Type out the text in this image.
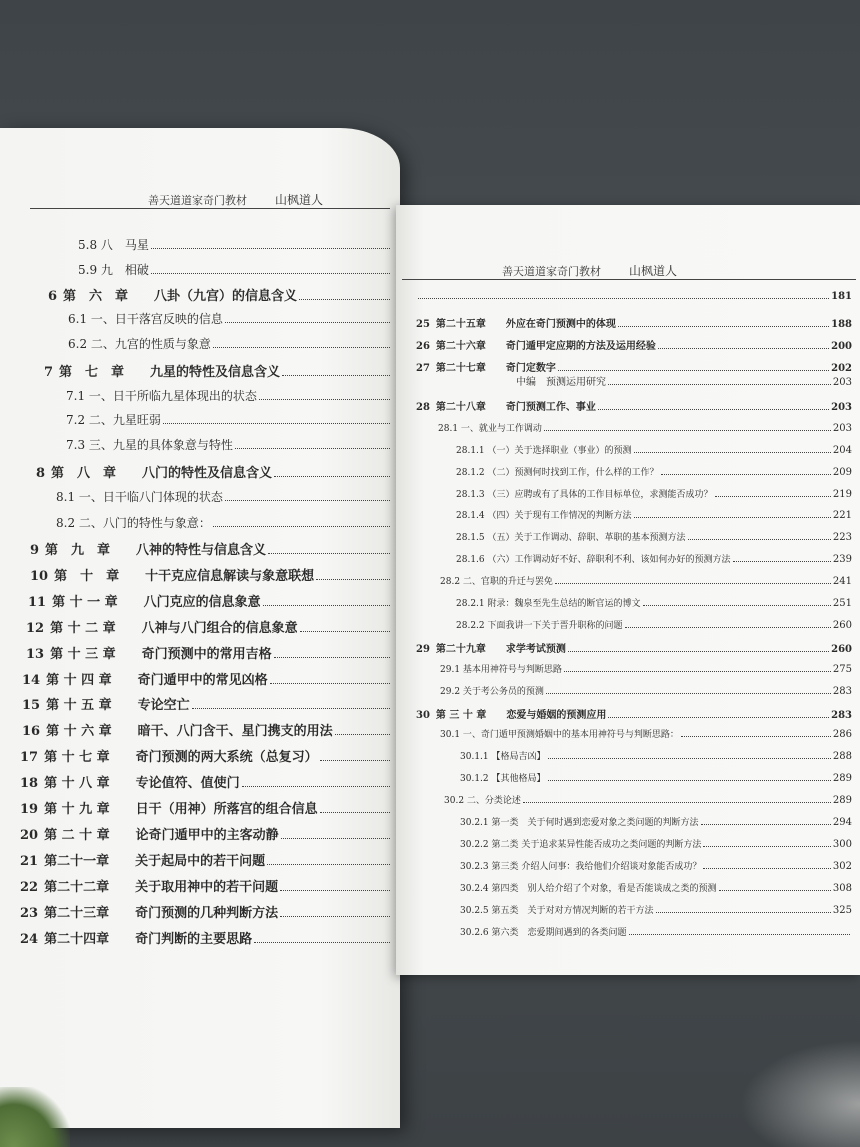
善天道道家奇门教材 山枫道人
5.8 八　马星
5.9 九　相破
6 第　六　章　　八卦（九宫）的信息含义
6.1 一、日干落宫反映的信息
6.2 二、九宫的性质与象意
7 第　七　章　　九星的特性及信息含义
7.1 一、日干所临九星体现出的状态
7.2 二、九星旺弱
7.3 三、九星的具体象意与特性
8 第　八　章　　八门的特性及信息含义
8.1 一、日干临八门体现的状态
8.2 二、八门的特性与象意：
9 第　九　章　　八神的特性与信息含义
10 第　十　章　　十干克应信息解读与象意联想
11 第 十 一 章　　八门克应的信息象意
12 第 十 二 章　　八神与八门组合的信息象意
13 第 十 三 章　　奇门预测中的常用吉格
14 第 十 四 章　　奇门遁甲中的常见凶格
15 第 十 五 章　　专论空亡
16 第 十 六 章　　暗干、八门含干、星门携支的用法
17 第 十 七 章　　奇门预测的两大系统（总复习）
18 第 十 八 章　　专论值符、值使门
19 第 十 九 章　　日干（用神）所落宫的组合信息
20 第 二 十 章　　论奇门遁甲中的主客动静
21 第二十一章　　关于起局中的若干问题
22 第二十二章　　关于取用神中的若干问题
23 第二十三章　　奇门预测的几种判断方法
24 第二十四章　　奇门判断的主要思路
善天道道家奇门教材 山枫道人
181
25 第二十五章　　外应在奇门预测中的体现	188
26 第二十六章　　奇门遁甲定应期的方法及运用经验	200
27 第二十七章　　奇门定数字	202
中编　预测运用研究	203
28 第二十八章　　奇门预测工作、事业	203
28.1 一、就业与工作调动	203
28.1.1 （一）关于选择职业（事业）的预测	204
28.1.2 （二）预测何时找到工作，什么样的工作？	209
28.1.3 （三）应聘或有了具体的工作目标单位，求测能否成功？	219
28.1.4 （四）关于现有工作情况的判断方法	221
28.1.5 （五）关于工作调动、辞职、革职的基本预测方法	223
28.1.6 （六）工作调动好不好、辞职利不利、该如何办好的预测方法	239
28.2 二、官职的升迁与罢免	241
28.2.1 附录：魏泉至先生总结的断官运的博文	251
28.2.2 下面我讲一下关于晋升职称的问题	260
29 第二十九章　　求学考试预测	260
29.1 基本用神符号与判断思路	275
29.2 关于考公务员的预测	283
30 第 三 十 章　　恋爱与婚姻的预测应用	283
30.1 一、奇门遁甲预测婚姻中的基本用神符号与判断思路：	286
30.1.1 【格局吉凶】	288
30.1.2 【其他格局】	289
30.2 二、分类论述	289
30.2.1 第一类　关于何时遇到恋爱对象之类问题的判断方法	294
30.2.2 第二类 关于追求某异性能否成功之类问题的判断方法	300
30.2.3 第三类 介绍人问事：我给他们介绍谈对象能否成功？	302
30.2.4 第四类　别人给介绍了个对象，看是否能谈成之类的预测	308
30.2.5 第五类　关于对对方情况判断的若干方法	325
30.2.6 第六类　恋爱期间遇到的各类问题
